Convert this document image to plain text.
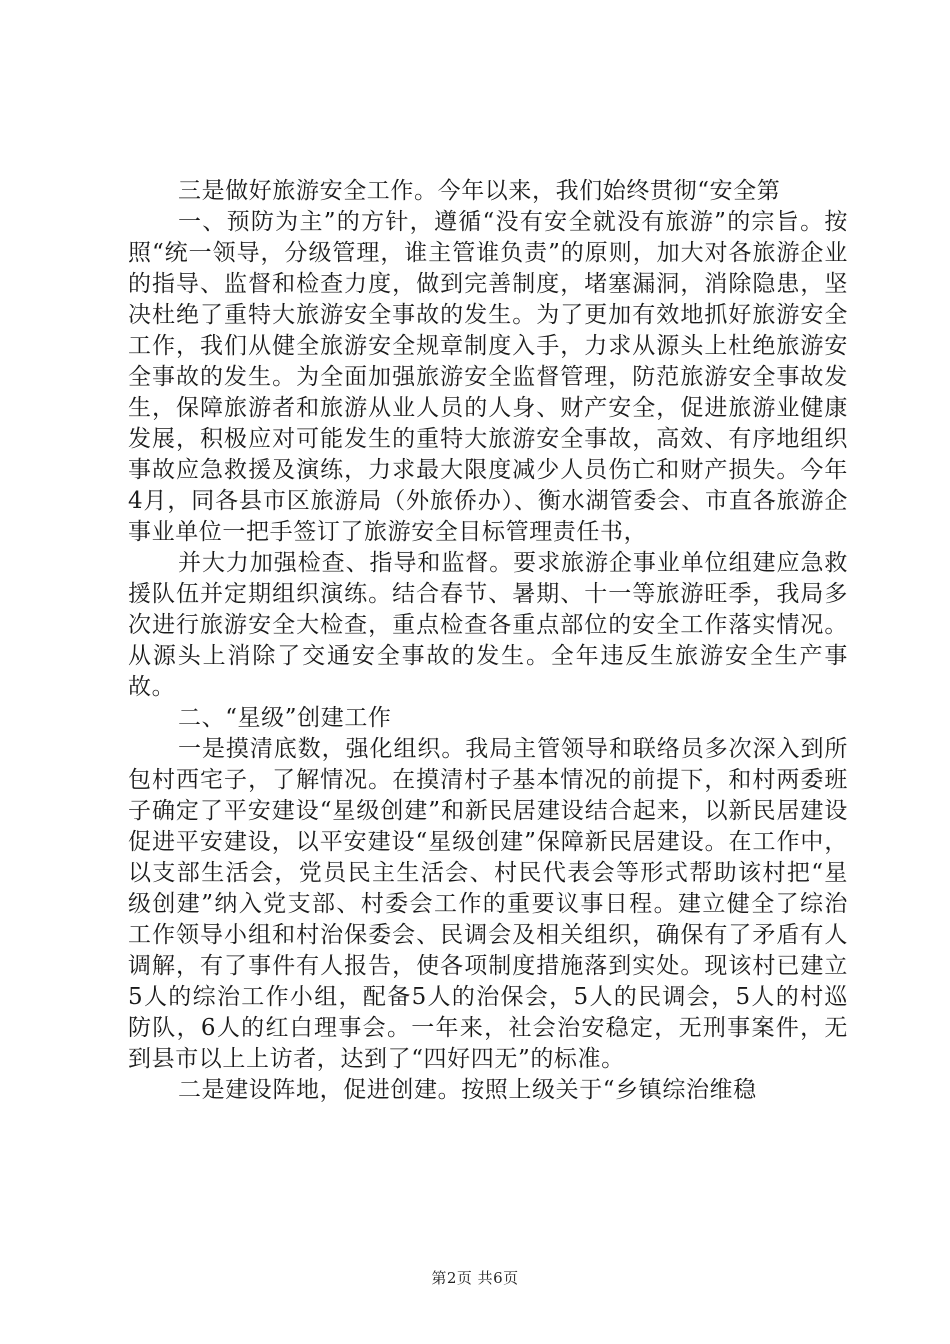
三是做好旅游安全工作。今年以来，我们始终贯彻“安全第

一、预防为主”的方针，遵循“没有安全就没有旅游”的宗旨。按照“统一领导，分级管理，谁主管谁负责”的原则，加大对各旅游企业的指导、监督和检查力度，做到完善制度，堵塞漏洞，消除隐患，坚决杜绝了重特大旅游安全事故的发生。为了更加有效地抓好旅游安全工作，我们从健全旅游安全规章制度入手，力求从源头上杜绝旅游安全事故的发生。为全面加强旅游安全监督管理，防范旅游安全事故发生，保障旅游者和旅游从业人员的人身、财产安全，促进旅游业健康发展，积极应对可能发生的重特大旅游安全事故，高效、有序地组织事故应急救援及演练，力求最大限度减少人员伤亡和财产损失。今年4月，同各县市区旅游局（外旅侨办）、衡水湖管委会、市直各旅游企事业单位一把手签订了旅游安全目标管理责任书，

并大力加强检查、指导和监督。要求旅游企事业单位组建应急救援队伍并定期组织演练。结合春节、暑期、十一等旅游旺季，我局多次进行旅游安全大检查，重点检查各重点部位的安全工作落实情况。从源头上消除了交通安全事故的发生。全年违反生旅游安全生产事故。

二、“星级”创建工作

一是摸清底数，强化组织。我局主管领导和联络员多次深入到所包村西宅子，了解情况。在摸清村子基本情况的前提下，和村两委班子确定了平安建设“星级创建”和新民居建设结合起来，以新民居建设促进平安建设，以平安建设“星级创建”保障新民居建设。在工作中，以支部生活会，党员民主生活会、村民代表会等形式帮助该村把“星级创建”纳入党支部、村委会工作的重要议事日程。建立健全了综治工作领导小组和村治保委会、民调会及相关组织，确保有了矛盾有人调解，有了事件有人报告，使各项制度措施落到实处。现该村已建立5人的综治工作小组，配备5人的治保会，5人的民调会，5人的村巡防队，6人的红白理事会。一年来，社会治安稳定，无刑事案件，无到县市以上上访者，达到了“四好四无”的标准。

二是建设阵地，促进创建。按照上级关于“乡镇综治维稳

第2页 共6页
